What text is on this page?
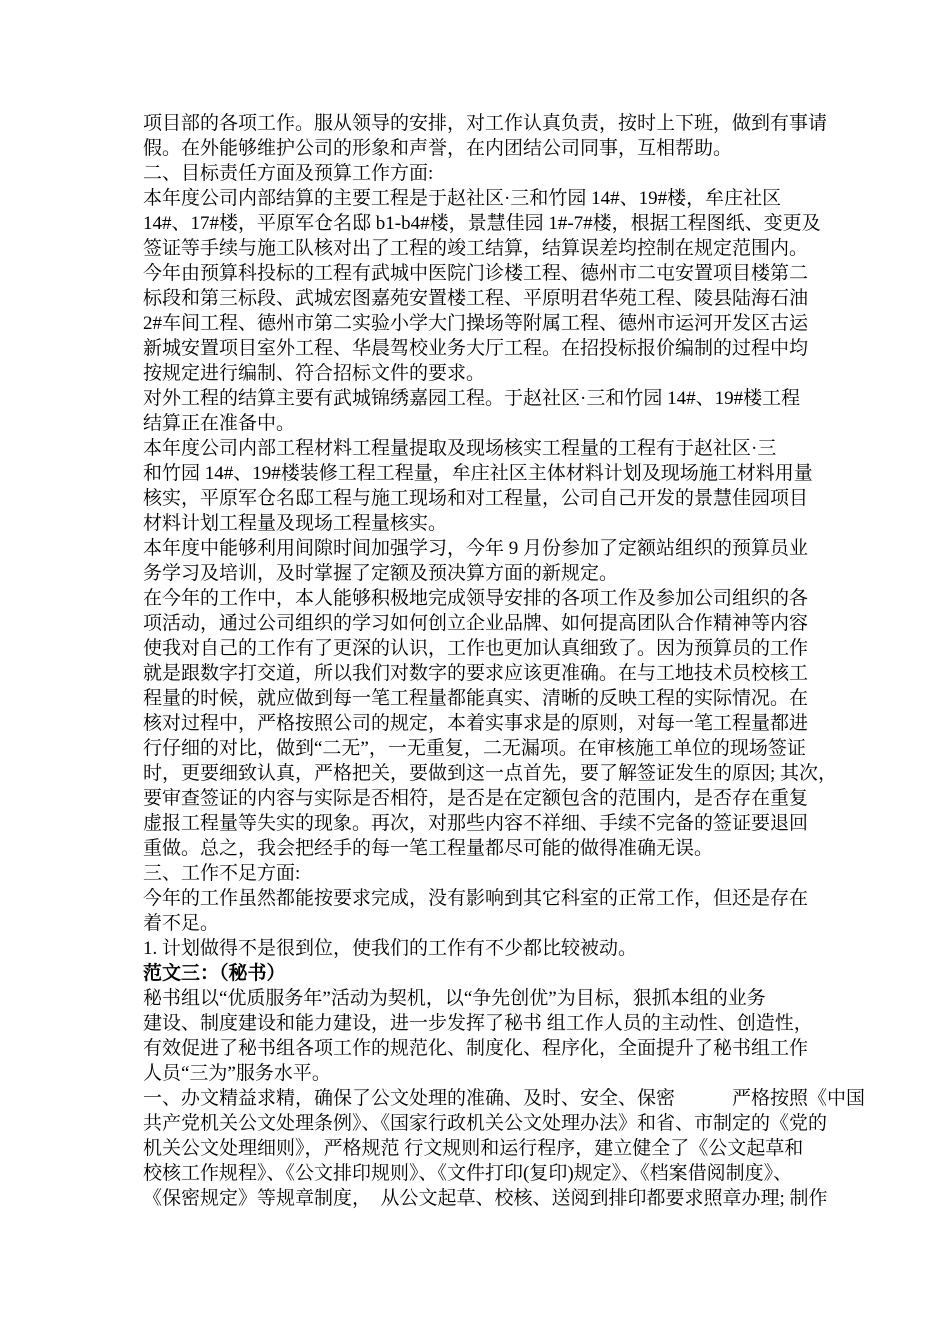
项目部的各项工作。服从领导的安排，对工作认真负责，按时上下班，做到有事请
假。在外能够维护公司的形象和声誉，在内团结公司同事，互相帮助。
二、目标责任方面及预算工作方面:
本年度公司内部结算的主要工程是于赵社区·三和竹园 14#、19#楼，牟庄社区
14#、17#楼，平原军仓名邸 b1-b4#楼，景慧佳园 1#-7#楼，根据工程图纸、变更及
签证等手续与施工队核对出了工程的竣工结算，结算误差均控制在规定范围内。
今年由预算科投标的工程有武城中医院门诊楼工程、德州市二屯安置项目楼第二
标段和第三标段、武城宏图嘉苑安置楼工程、平原明君华苑工程、陵县陆海石油
2#车间工程、德州市第二实验小学大门操场等附属工程、德州市运河开发区古运
新城安置项目室外工程、华晨驾校业务大厅工程。在招投标报价编制的过程中均
按规定进行编制、符合招标文件的要求。
对外工程的结算主要有武城锦绣嘉园工程。于赵社区·三和竹园 14#、19#楼工程
结算正在准备中。
本年度公司内部工程材料工程量提取及现场核实工程量的工程有于赵社区·三
和竹园 14#、19#楼装修工程工程量，牟庄社区主体材料计划及现场施工材料用量
核实，平原军仓名邸工程与施工现场和对工程量，公司自己开发的景慧佳园项目
材料计划工程量及现场工程量核实。
本年度中能够利用间隙时间加强学习，今年 9 月份参加了定额站组织的预算员业
务学习及培训，及时掌握了定额及预决算方面的新规定。
在今年的工作中，本人能够积极地完成领导安排的各项工作及参加公司组织的各
项活动，通过公司组织的学习如何创立企业品牌、如何提高团队合作精神等内容
使我对自己的工作有了更深的认识，工作也更加认真细致了。因为预算员的工作
就是跟数字打交道，所以我们对数字的要求应该更准确。在与工地技术员校核工
程量的时候，就应做到每一笔工程量都能真实、清晰的反映工程的实际情况。在
核对过程中，严格按照公司的规定，本着实事求是的原则，对每一笔工程量都进
行仔细的对比，做到“二无”，一无重复，二无漏项。在审核施工单位的现场签证
时，更要细致认真，严格把关，要做到这一点首先，要了解签证发生的原因; 其次，
要审查签证的内容与实际是否相符，是否是在定额包含的范围内，是否存在重复
虚报工程量等失实的现象。再次，对那些内容不祥细、手续不完备的签证要退回
重做。总之，我会把经手的每一笔工程量都尽可能的做得准确无误。
三、工作不足方面:
今年的工作虽然都能按要求完成，没有影响到其它科室的正常工作，但还是存在
着不足。
1. 计划做得不是很到位，使我们的工作有不少都比较被动。
范文三：（秘书）
秘书组以“优质服务年”活动为契机，以“争先创优”为目标，狠抓本组的业务
建设、制度建设和能力建设，进一步发挥了秘书 组工作人员的主动性、创造性，
有效促进了秘书组各项工作的规范化、制度化、程序化，全面提升了秘书组工作
人员“三为”服务水平。
一、办文精益求精，确保了公文处理的准确、及时、安全、保密　　　严格按照《中国
共产党机关公文处理条例》、《国家行政机关公文处理办法》和省、市制定的《党的
机关公文处理细则》，严格规范 行文规则和运行程序，建立健全了《公文起草和
校核工作规程》、《公文排印规则》、《文件打印(复印)规定》、《档案借阅制度》、
《保密规定》等规章制度，　从公文起草、校核、送阅到排印都要求照章办理; 制作
